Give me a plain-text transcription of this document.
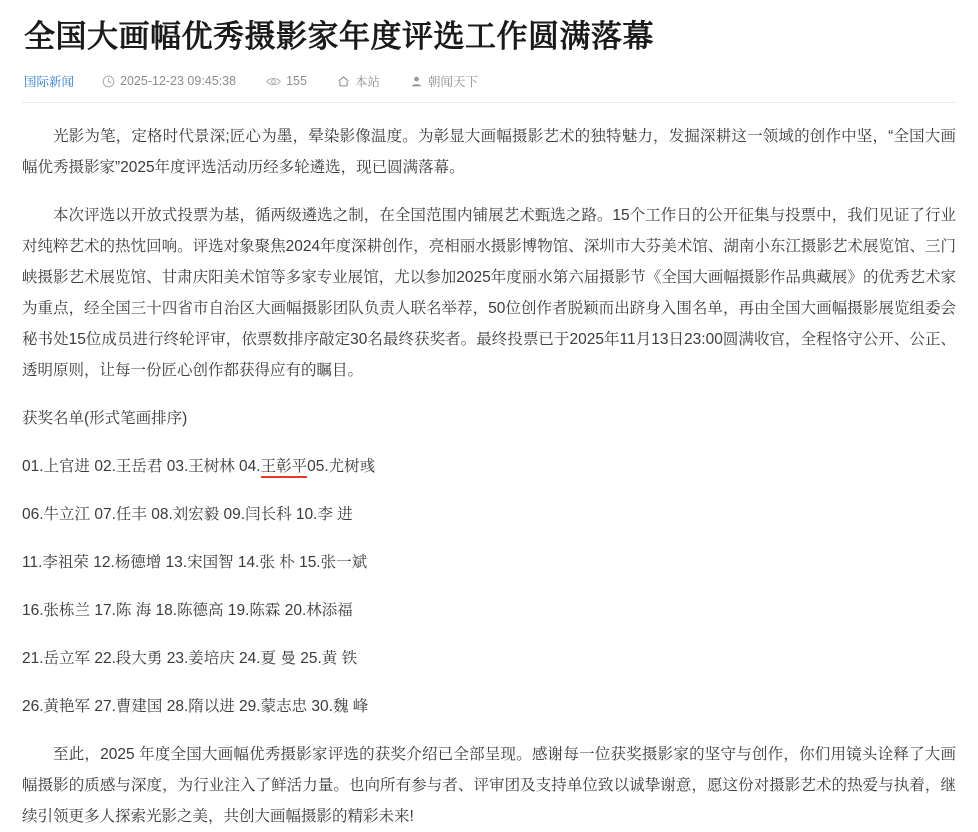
全国大画幅优秀摄影家年度评选工作圆满落幕
国际新闻	2025-12-23 09:45:38	155	本站	朝闻天下

光影为笔，定格时代景深;匠心为墨，晕染影像温度。为彰显大画幅摄影艺术的独特魅力，发掘深耕这一领域的创作中坚，“全国大画幅优秀摄影家”2025年度评选活动历经多轮遴选，现已圆满落幕。

本次评选以开放式投票为基，循两级遴选之制，在全国范围内铺展艺术甄选之路。15个工作日的公开征集与投票中，我们见证了行业对纯粹艺术的热忱回响。评选对象聚焦2024年度深耕创作，亮相丽水摄影博物馆、深圳市大芬美术馆、湖南小东江摄影艺术展览馆、三门峡摄影艺术展览馆、甘肃庆阳美术馆等多家专业展馆，尤以参加2025年度丽水第六届摄影节《全国大画幅摄影作品典藏展》的优秀艺术家为重点，经全国三十四省市自治区大画幅摄影团队负责人联名举荐，50位创作者脱颖而出跻身入围名单，再由全国大画幅摄影展览组委会秘书处15位成员进行终轮评审，依票数排序敲定30名最终获奖者。最终投票已于2025年11月13日23:00圆满收官，全程恪守公开、公正、透明原则，让每一份匠心创作都获得应有的瞩目。

获奖名单(形式笔画排序)

01.上官进 02.王岳君 03.王树林 04.王彰平05.尤树彧

06.牛立江 07.任丰 08.刘宏毅 09.闫长科 10.李 进

11.李祖荣 12.杨德增 13.宋国智 14.张 朴 15.张一斌

16.张栋兰 17.陈 海 18.陈德高 19.陈霖 20.林添福

21.岳立军 22.段大勇 23.姜培庆 24.夏 曼 25.黄 铁

26.黄艳军 27.曹建国 28.隋以进 29.蒙志忠 30.魏 峰

至此，2025 年度全国大画幅优秀摄影家评选的获奖介绍已全部呈现。感谢每一位获奖摄影家的坚守与创作，你们用镜头诠释了大画幅摄影的质感与深度，为行业注入了鲜活力量。也向所有参与者、评审团及支持单位致以诚挚谢意，愿这份对摄影艺术的热爱与执着，继续引领更多人探索光影之美，共创大画幅摄影的精彩未来!
